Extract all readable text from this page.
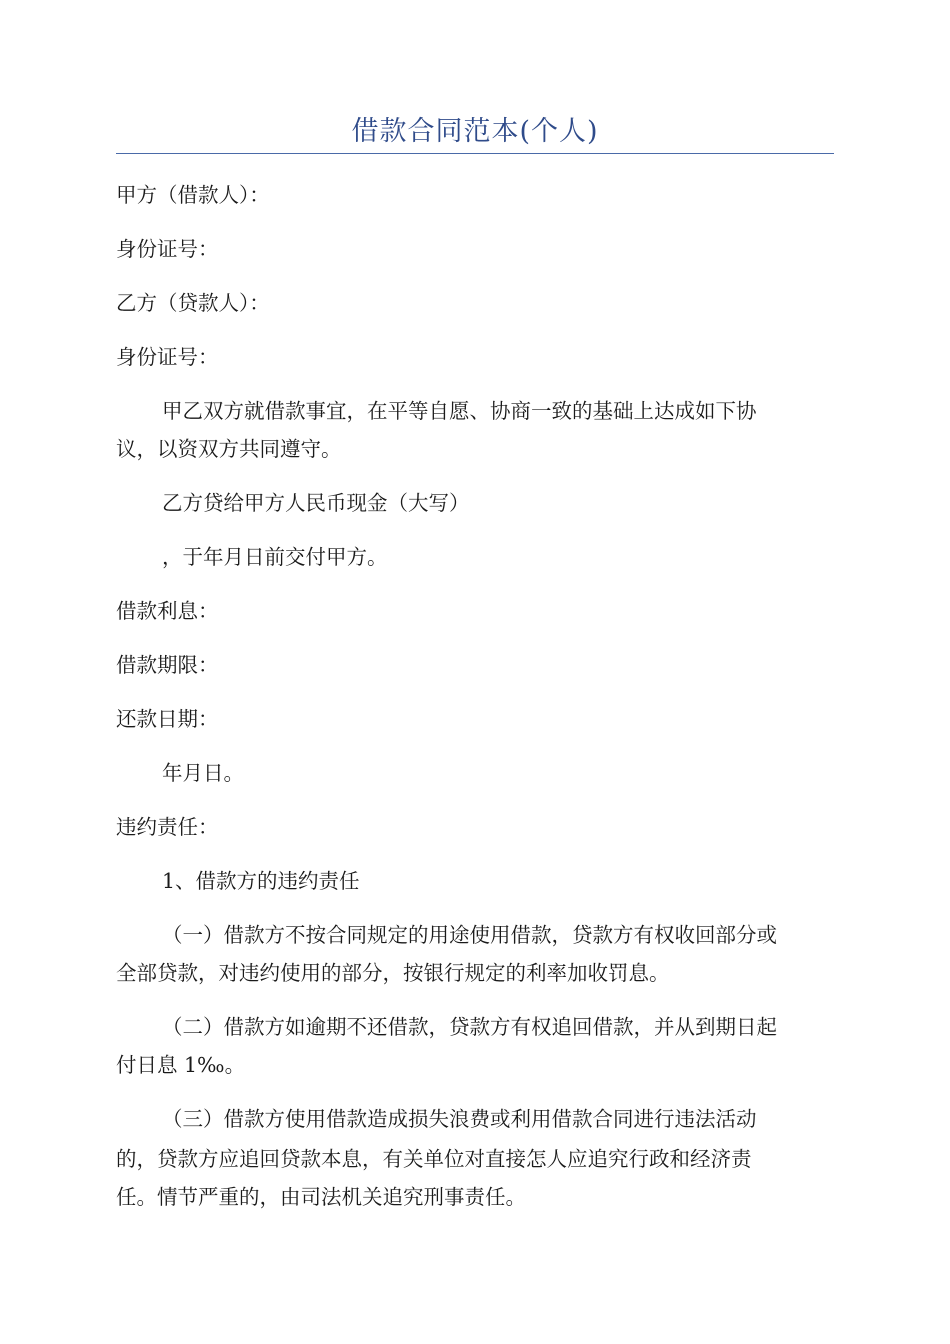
借款合同范本(个人)
甲方（借款人）：
身份证号：
乙方（贷款人）：
身份证号：
甲乙双方就借款事宜，在平等自愿、协商一致的基础上达成如下协
议，以资双方共同遵守。
乙方贷给甲方人民币现金（大写）
，于年月日前交付甲方。
借款利息：
借款期限：
还款日期：
年月日。
违约责任：
1、借款方的违约责任
（一）借款方不按合同规定的用途使用借款，贷款方有权收回部分或
全部贷款，对违约使用的部分，按银行规定的利率加收罚息。
（二）借款方如逾期不还借款，贷款方有权追回借款，并从到期日起
付日息 1‰。
（三）借款方使用借款造成损失浪费或利用借款合同进行违法活动
的，贷款方应追回贷款本息，有关单位对直接怎人应追究行政和经济责
任。情节严重的，由司法机关追究刑事责任。
